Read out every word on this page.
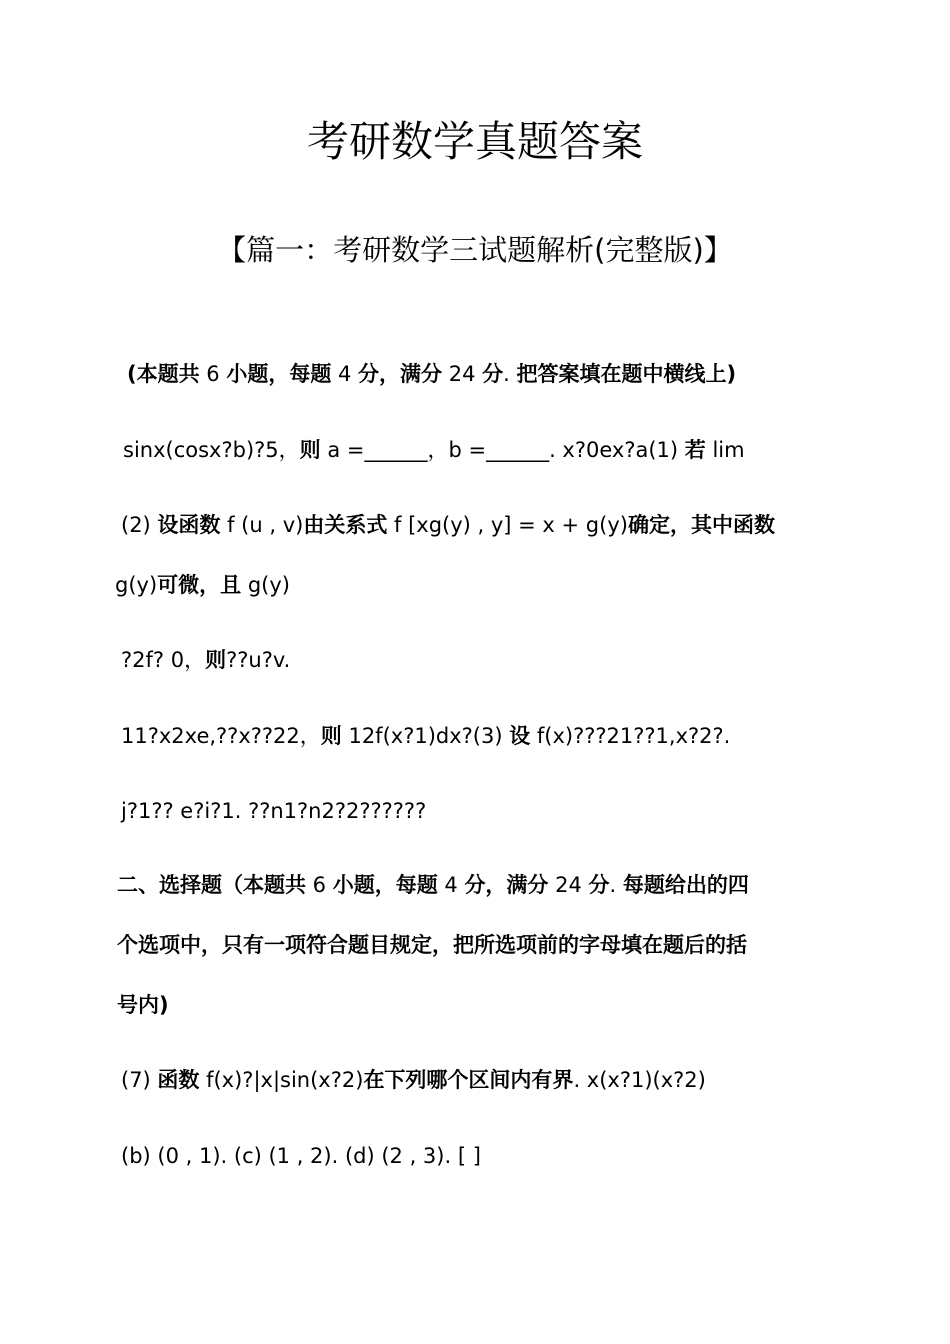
考研数学真题答案
【篇一：考研数学三试题解析(完整版)】

(本题共 6 小题，每题 4 分，满分 24 分. 把答案填在题中横线上)

sinx(cosx?b)?5，则 a =______，b =______. x?0ex?a(1) 若 lim

(2) 设函数 f (u , v)由关系式 f [xg(y) , y] = x + g(y)确定，其中函数

g(y)可微，且 g(y)

?2f? 0，则??u?v.

11?x2xe,??x??22，则 12f(x?1)dx?(3) 设 f(x)???21??1,x?2?.

j?1?? e?i?1. ??n1?n2?2??????

二、选择题（本题共 6 小题，每题 4 分，满分 24 分. 每题给出的四

个选项中，只有一项符合题目规定，把所选项前的字母填在题后的括

号内)

(7) 函数 f(x)?|x|sin(x?2)在下列哪个区间内有界. x(x?1)(x?2)

(b) (0 , 1). (c) (1 , 2). (d) (2 , 3). [ ]
